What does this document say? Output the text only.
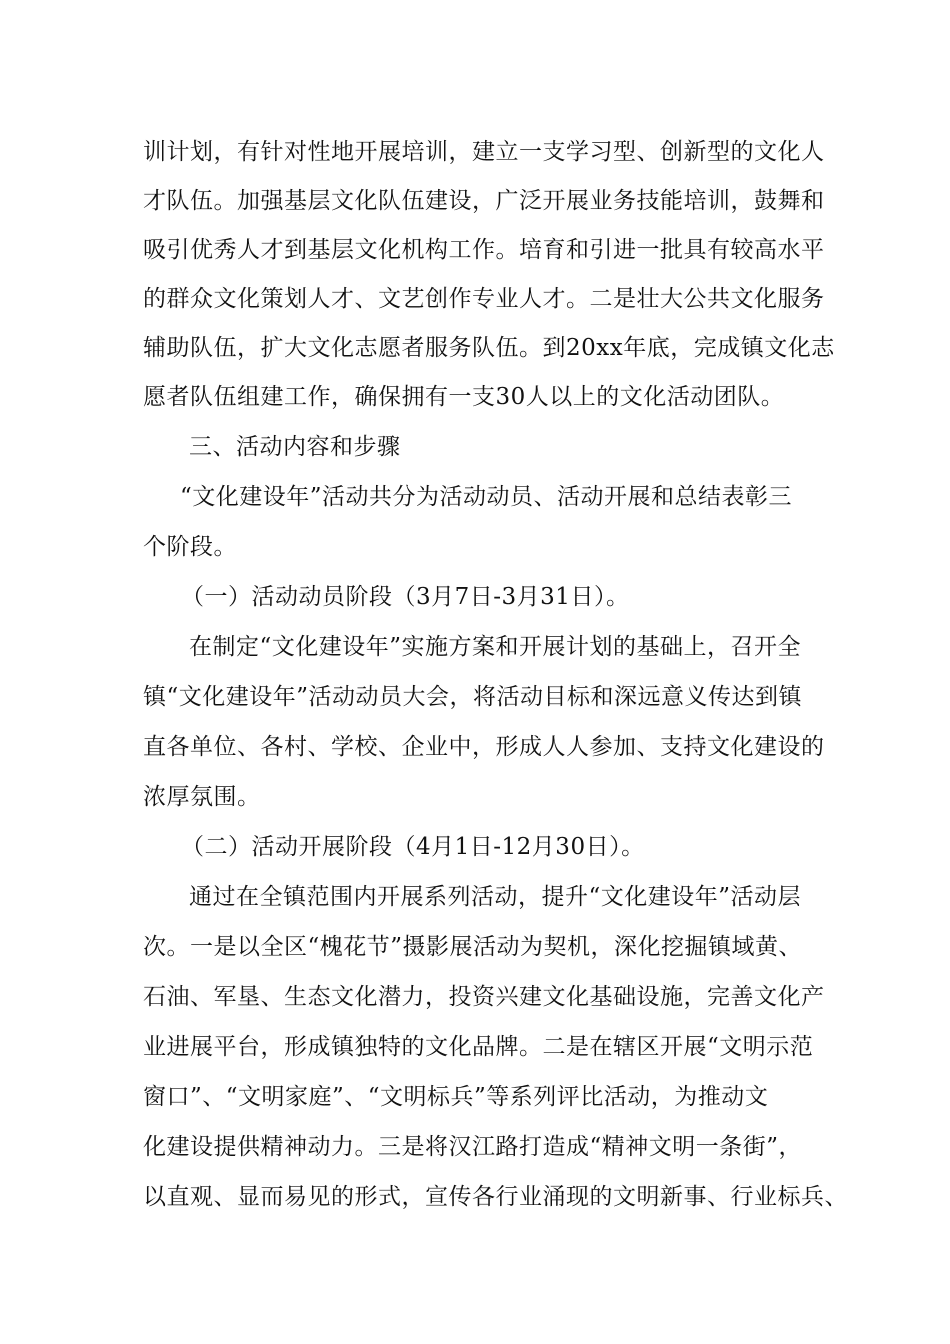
训计划，有针对性地开展培训，建立一支学习型、创新型的文化人
才队伍。加强基层文化队伍建设，广泛开展业务技能培训，鼓舞和
吸引优秀人才到基层文化机构工作。培育和引进一批具有较高水平
的群众文化策划人才、文艺创作专业人才。二是壮大公共文化服务
辅助队伍，扩大文化志愿者服务队伍。到20xx年底，完成镇文化志
愿者队伍组建工作，确保拥有一支30人以上的文化活动团队。
三、活动内容和步骤
“文化建设年”活动共分为活动动员、活动开展和总结表彰三
个阶段。
（一）活动动员阶段（3月7日-3月31日）。
在制定“文化建设年”实施方案和开展计划的基础上，召开全
镇“文化建设年”活动动员大会，将活动目标和深远意义传达到镇
直各单位、各村、学校、企业中，形成人人参加、支持文化建设的
浓厚氛围。
（二）活动开展阶段（4月1日-12月30日）。
通过在全镇范围内开展系列活动，提升“文化建设年”活动层
次。一是以全区“槐花节”摄影展活动为契机，深化挖掘镇域黄、
石油、军垦、生态文化潜力，投资兴建文化基础设施，完善文化产
业进展平台，形成镇独特的文化品牌。二是在辖区开展“文明示范
窗口”、“文明家庭”、“文明标兵”等系列评比活动，为推动文
化建设提供精神动力。三是将汉江路打造成“精神文明一条街”，
以直观、显而易见的形式，宣传各行业涌现的文明新事、行业标兵、
